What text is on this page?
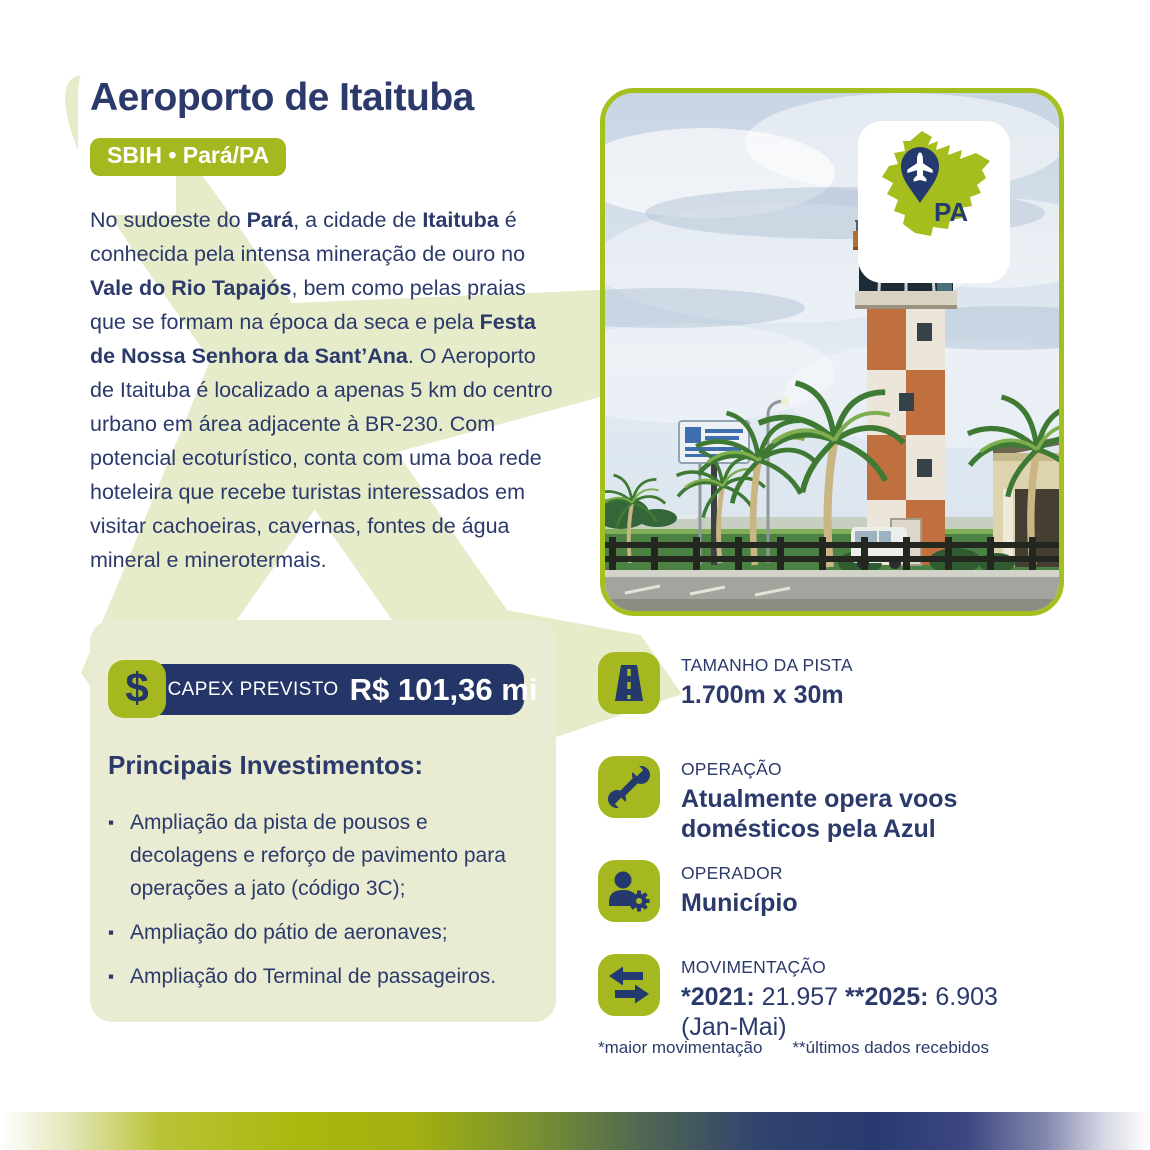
Aeroporto de Itaituba
SBIH • Pará/PA
No sudoeste do Pará, a cidade de Itaituba é conhecida pela intensa mineração de ouro no Vale do Rio Tapajós, bem como pelas praias que se formam na época da seca e pela Festa de Nossa Senhora da Sant’Ana. O Aeroporto de Itaituba é localizado a apenas 5 km do centro urbano em área adjacente à BR-230. Com potencial ecoturístico, conta com uma boa rede hoteleira que recebe turistas interessados em visitar cachoeiras, cavernas, fontes de água mineral e minerotermais.
PA
CAPEX PREVISTO R$ 101,36 mi
$
Principais Investimentos:
▪ Ampliação da pista de pousos e decolagens e reforço de pavimento para operações a jato (código 3C);
▪ Ampliação do pátio de aeronaves;
▪ Ampliação do Terminal de passageiros.
TAMANHO DA PISTA
1.700m x 30m
OPERAÇÃO
Atualmente opera voos domésticos pela Azul
OPERADOR
Município
MOVIMENTAÇÃO
*2021: 21.957 **2025: 6.903 (Jan-Mai)
*maior movimentação **últimos dados recebidos
